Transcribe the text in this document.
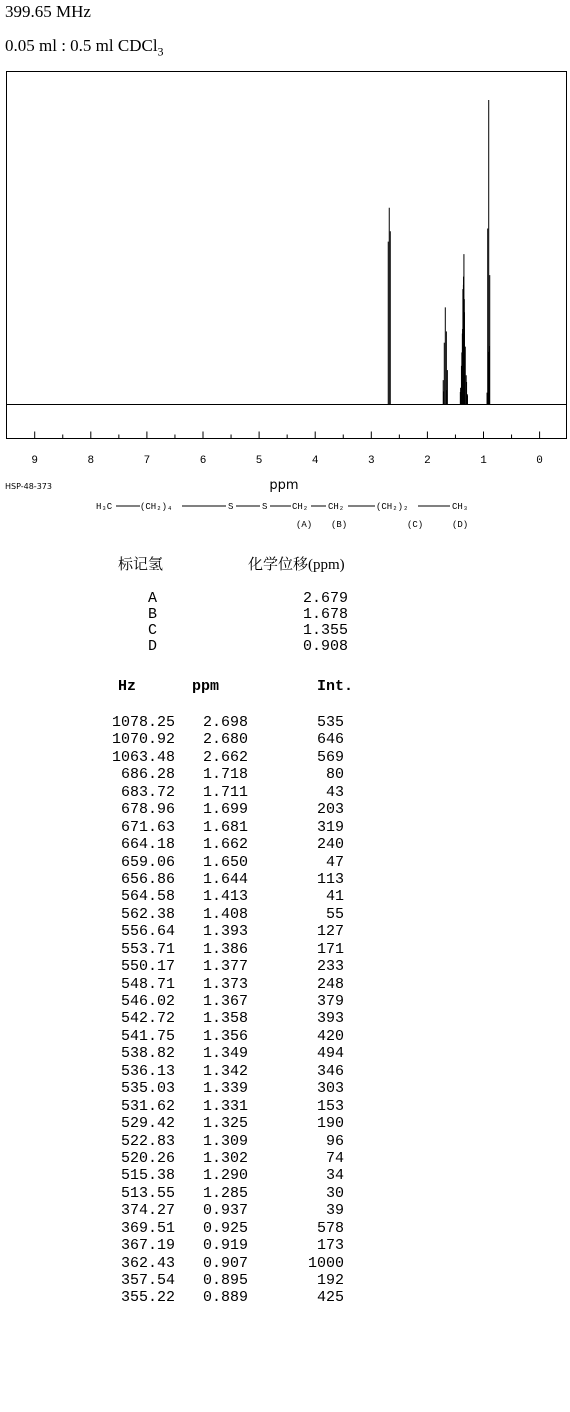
399.65 MHz
0.05 ml : 0.5 ml CDCl$_3$
9	8	7	6	5	4	3	2	1	0
ppm
HSP-48-373
H₃C	(CH₂)₄	S	S	CH₂ CH₂	(CH₂)₂	CH₃
(A) (B)	(C)	(D)
标记氢	化学位移(ppm)
A	2.679
B	1.678
C	1.355
D	0.908
Hz	ppm	Int.
1078.25	2.698	535
1070.92	2.680	646
1063.48	2.662	569
686.28	1.718	80
683.72	1.711	43
678.96	1.699	203
671.63	1.681	319
664.18	1.662	240
659.06	1.650	47
656.86	1.644	113
564.58	1.413	41
562.38	1.408	55
556.64	1.393	127
553.71	1.386	171
550.17	1.377	233
548.71	1.373	248
546.02	1.367	379
542.72	1.358	393
541.75	1.356	420
538.82	1.349	494
536.13	1.342	346
535.03	1.339	303
531.62	1.331	153
529.42	1.325	190
522.83	1.309	96
520.26	1.302	74
515.38	1.290	34
513.55	1.285	30
374.27	0.937	39
369.51	0.925	578
367.19	0.919	173
362.43	0.907	1000
357.54	0.895	192
355.22	0.889	425
